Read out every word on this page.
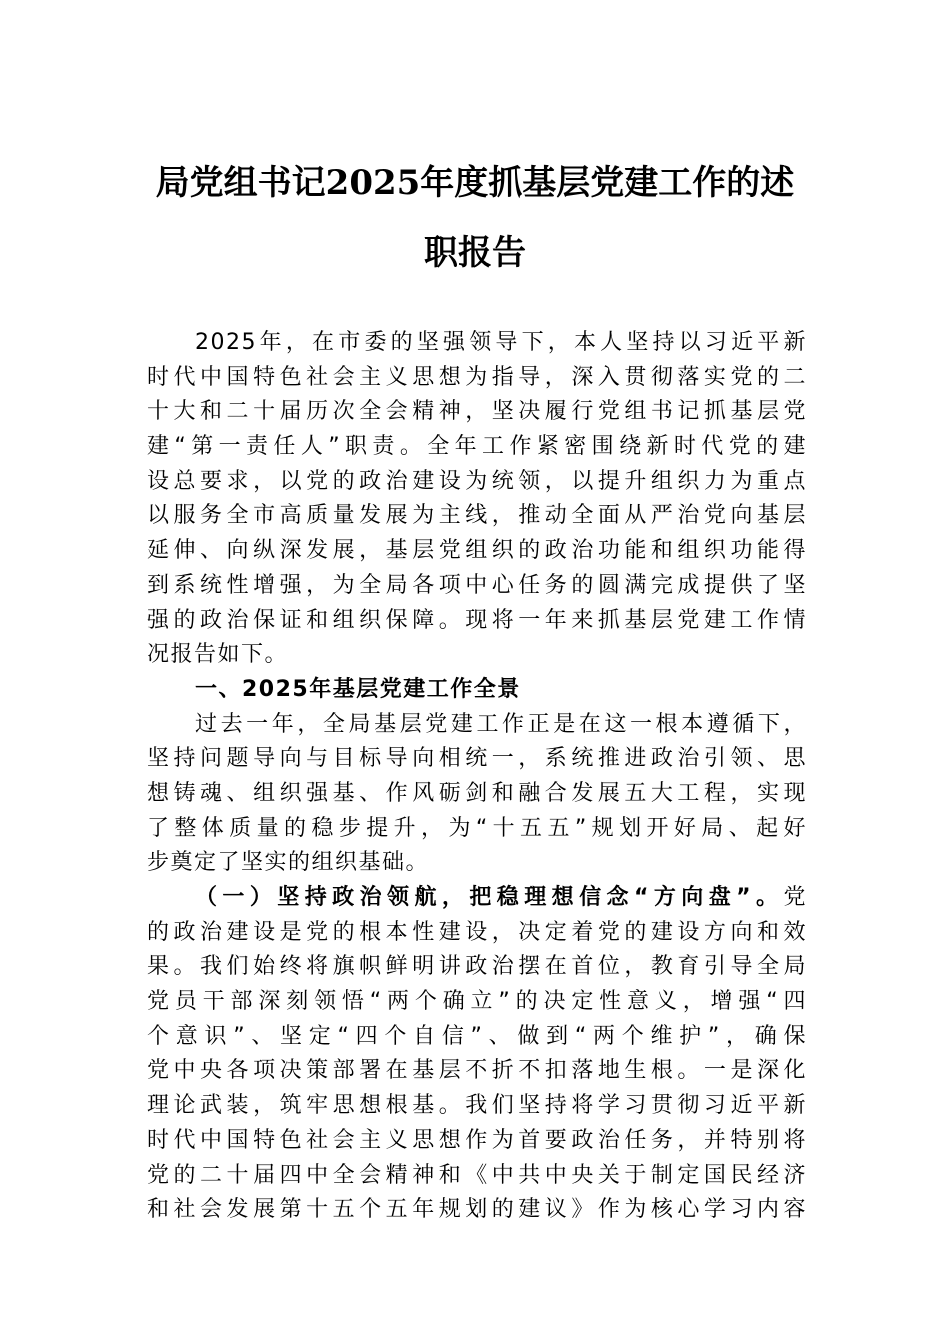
局党组书记2025年度抓基层党建工作的述
职报告
2025年，在市委的坚强领导下，本人坚持以习近平新
时代中国特色社会主义思想为指导，深入贯彻落实党的二
十大和二十届历次全会精神，坚决履行党组书记抓基层党
建“第一责任人”职责。全年工作紧密围绕新时代党的建
设总要求，以党的政治建设为统领，以提升组织力为重点
以服务全市高质量发展为主线，推动全面从严治党向基层
延伸、向纵深发展，基层党组织的政治功能和组织功能得
到系统性增强，为全局各项中心任务的圆满完成提供了坚
强的政治保证和组织保障。现将一年来抓基层党建工作情
况报告如下。
一、2025年基层党建工作全景
过去一年，全局基层党建工作正是在这一根本遵循下，
坚持问题导向与目标导向相统一，系统推进政治引领、思
想铸魂、组织强基、作风砺剑和融合发展五大工程，实现
了整体质量的稳步提升，为“十五五”规划开好局、起好
步奠定了坚实的组织基础。
（一）坚持政治领航，把稳理想信念“方向盘”。党
的政治建设是党的根本性建设，决定着党的建设方向和效
果。我们始终将旗帜鲜明讲政治摆在首位，教育引导全局
党员干部深刻领悟“两个确立”的决定性意义，增强“四
个意识”、坚定“四个自信”、做到“两个维护”，确保
党中央各项决策部署在基层不折不扣落地生根。一是深化
理论武装，筑牢思想根基。我们坚持将学习贯彻习近平新
时代中国特色社会主义思想作为首要政治任务，并特别将
党的二十届四中全会精神和《中共中央关于制定国民经济
和社会发展第十五个五年规划的建议》作为核心学习内容
